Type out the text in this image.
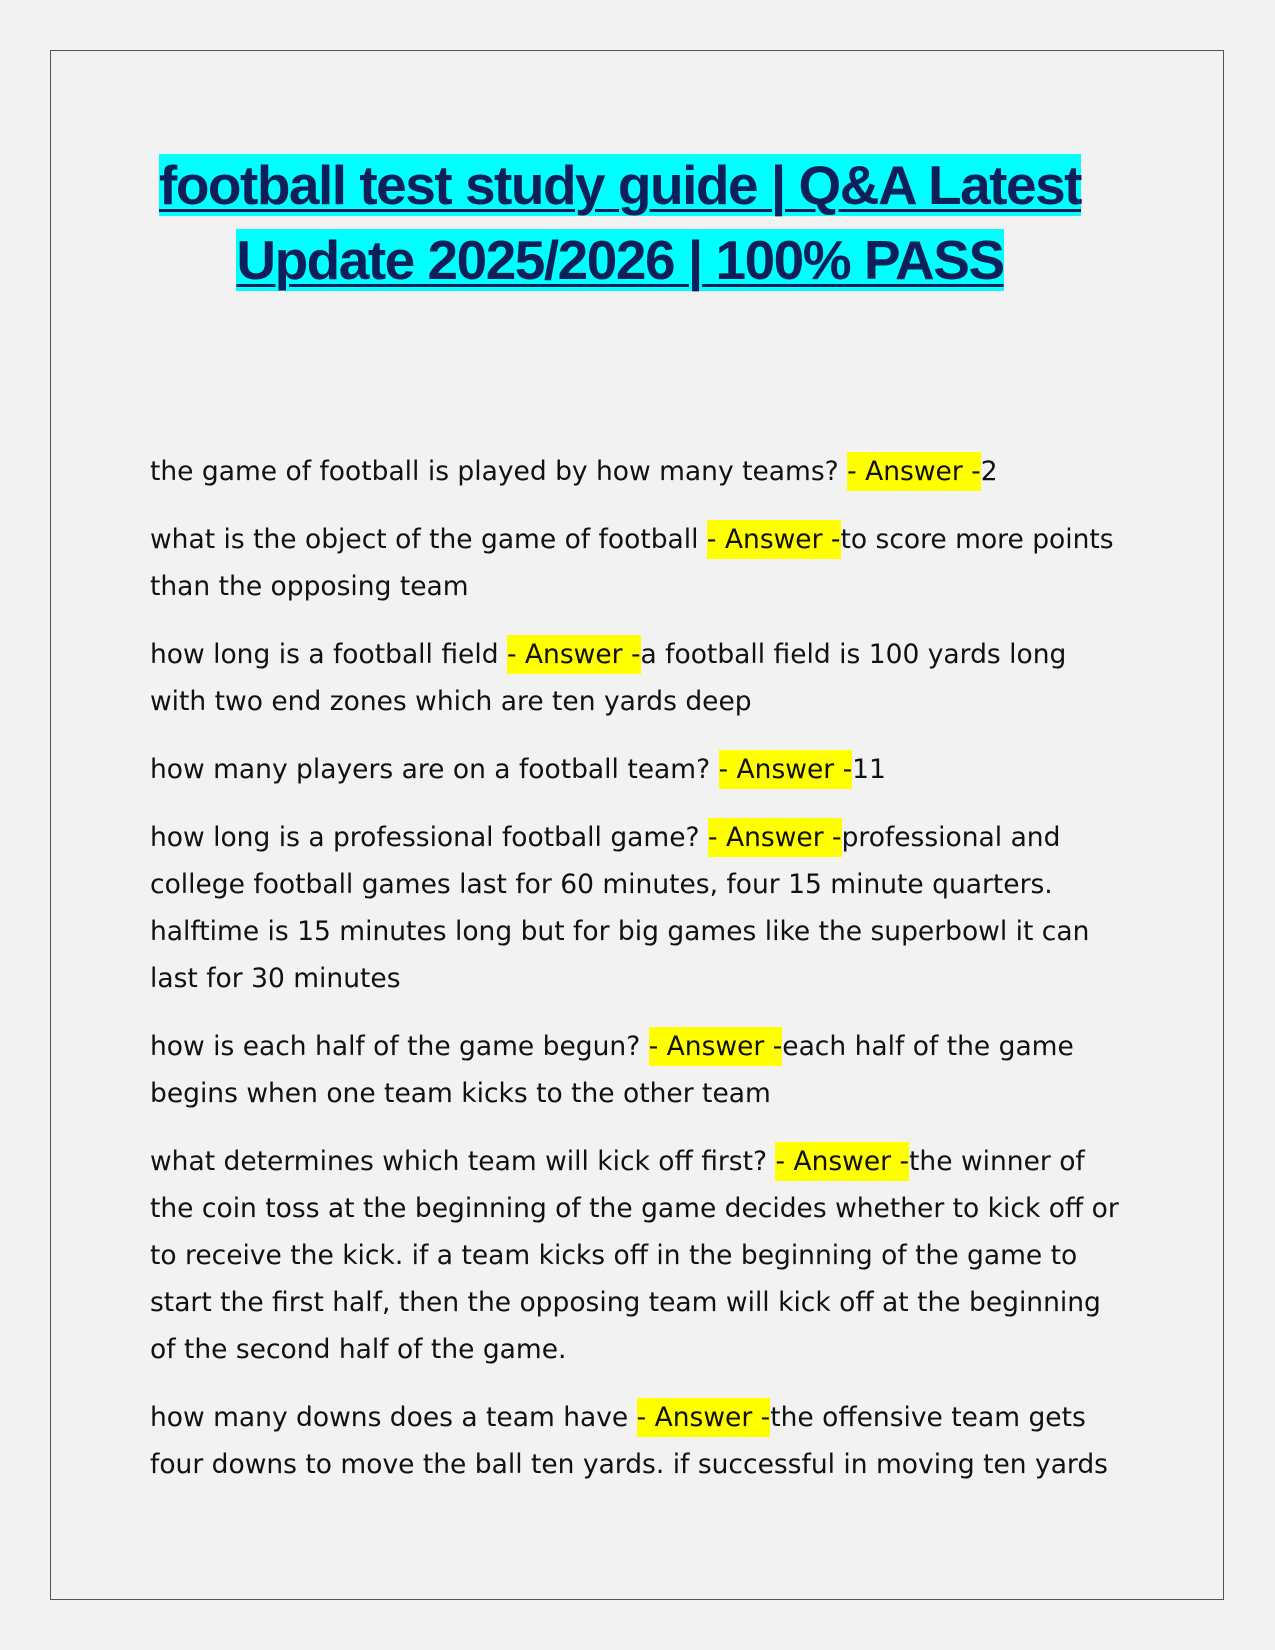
football test study guide | Q&A Latest Update 2025/2026 | 100% PASS

the game of football is played by how many teams? - Answer -2

what is the object of the game of football - Answer -to score more points than the opposing team

how long is a football field - Answer -a football field is 100 yards long with two end zones which are ten yards deep

how many players are on a football team? - Answer -11

how long is a professional football game? - Answer -professional and college football games last for 60 minutes, four 15 minute quarters. halftime is 15 minutes long but for big games like the superbowl it can last for 30 minutes

how is each half of the game begun? - Answer -each half of the game begins when one team kicks to the other team

what determines which team will kick off first? - Answer -the winner of the coin toss at the beginning of the game decides whether to kick off or to receive the kick. if a team kicks off in the beginning of the game to start the first half, then the opposing team will kick off at the beginning of the second half of the game.

how many downs does a team have - Answer -the offensive team gets four downs to move the ball ten yards. if successful in moving ten yards
